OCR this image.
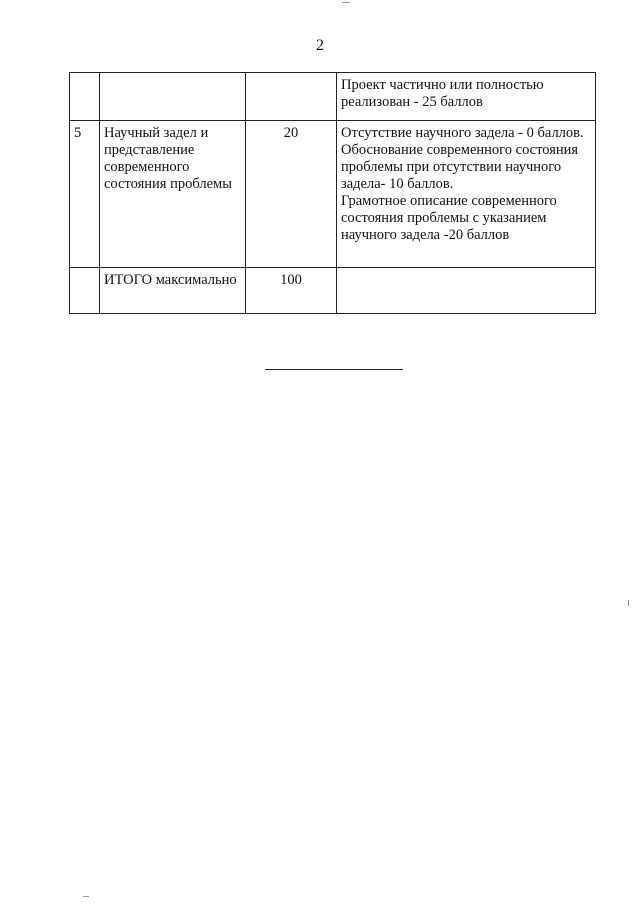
2

			Проект частично или полностью реализован - 25 баллов

5	Научный задел и представление современного состояния проблемы	20	Отсутствие научного задела - 0 баллов.
Обоснование современного состояния проблемы при отсутствии научного задела- 10 баллов.
Грамотное описание современного состояния проблемы с указанием научного задела -20 баллов

	ИТОГО максимально	100	
